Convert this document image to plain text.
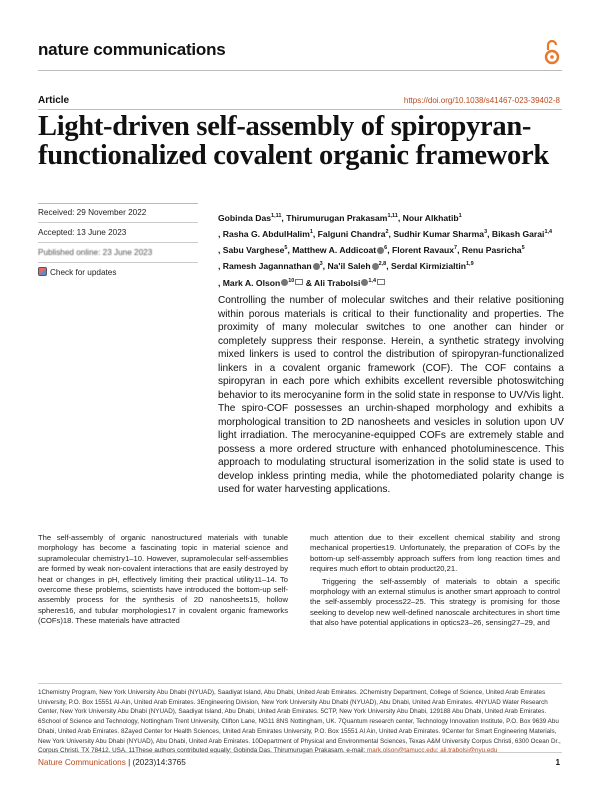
nature communications
Article	https://doi.org/10.1038/s41467-023-39402-8
Light-driven self-assembly of spiropyran-functionalized covalent organic framework
Received: 29 November 2022
Accepted: 13 June 2023
Published online: 23 June 2023
Check for updates
Gobinda Das$^{1,11}$, Thirumurugan Prakasam$^{1,11}$, Nour Alkhatib$^1$
, Rasha G. AbdulHalim$^1$, Falguni Chandra$^2$, Sudhir Kumar Sharma$^3$, Bikash Garai$^{1,4}$
, Sabu Varghese$^5$, Matthew A. Addicoat $^6$, Florent Ravaux$^7$, Renu Pasricha$^5$
, Ramesh Jagannathan $^3$, Na'il Saleh $^{2,8}$, Serdal Kirmizialtin$^{1,9}$
, Mark A. Olson $^{10}$ & Ali Trabolsi $^{1,4}$

Controlling the number of molecular switches and their relative positioning within porous materials is critical to their functionality and properties. The proximity of many molecular switches to one another can hinder or completely suppress their response. Herein, a synthetic strategy involving mixed linkers is used to control the distribution of spiropyran-functionalized linkers in a covalent organic framework (COF). The COF contains a spiropyran in each pore which exhibits excellent reversible photoswitching behavior to its merocyanine form in the solid state in response to UV/Vis light. The spiro-COF possesses an urchin-shaped morphology and exhibits a morphological transition to 2D nanosheets and vesicles in solution upon UV light irradiation. The merocyanine-equipped COFs are extremely stable and possess a more ordered structure with enhanced photoluminescence. This approach to modulating structural isomerization in the solid state is used to develop inkless printing media, while the photomediated polarity change is used for water harvesting applications.

The self-assembly of organic nanostructured materials with tunable morphology has become a fascinating topic in material science and supramolecular chemistry1–10. However, supramolecular self-assemblies are formed by weak non-covalent interactions that are easily destroyed by heat or changes in pH, effectively limiting their practical utility11–14. To overcome these problems, scientists have introduced the bottom-up self-assembly process for the synthesis of 2D nanosheets15, hollow spheres16, and tubular morphologies17 in covalent organic frameworks (COFs)18. These materials have attracted

much attention due to their excellent chemical stability and strong mechanical properties19. Unfortunately, the preparation of COFs by the bottom-up self-assembly approach suffers from long reaction times and requires much effort to obtain product20,21.

Triggering the self-assembly of materials to obtain a specific morphology with an external stimulus is another smart approach to control the self-assembly process22–25. This strategy is promising for those seeking to develop new well-defined nanoscale architectures in short time that also have potential applications in optics23–26, sensing27–29, and

1Chemistry Program, New York University Abu Dhabi (NYUAD), Saadiyat Island, Abu Dhabi, United Arab Emirates. 2Chemistry Department, College of Science, United Arab Emirates University, P.O. Box 15551 Al-Ain, United Arab Emirates. 3Engineering Division, New York University Abu Dhabi (NYUAD), Abu Dhabi, United Arab Emirates. 4NYUAD Water Research Center, New York University Abu Dhabi (NYUAD), Saadiyat Island, Abu Dhabi, United Arab Emirates. 5CTP, New York University Abu Dhabi, 129188 Abu Dhabi, United Arab Emirates. 6School of Science and Technology, Nottingham Trent University, Clifton Lane, NG11 8NS Nottingham, UK. 7Quantum research center, Technology Innovation Institute, P.O. Box 9639 Abu Dhabi, United Arab Emirates. 8Zayed Center for Health Sciences, United Arab Emirates University, P.O. Box 15551 Al Ain, United Arab Emirates. 9Center for Smart Engineering Materials, New York University Abu Dhabi (NYUAD), Abu Dhabi, United Arab Emirates. 10Department of Physical and Environmental Sciences, Texas A&M University Corpus Christi, 6300 Ocean Dr., Corpus Christi, TX 78412, USA. 11These authors contributed equally: Gobinda Das, Thirumurugan Prakasam. e-mail: mark.olson@tamucc.edu; ali.trabolsi@nyu.edu
Nature Communications | (2023)14:3765	1
